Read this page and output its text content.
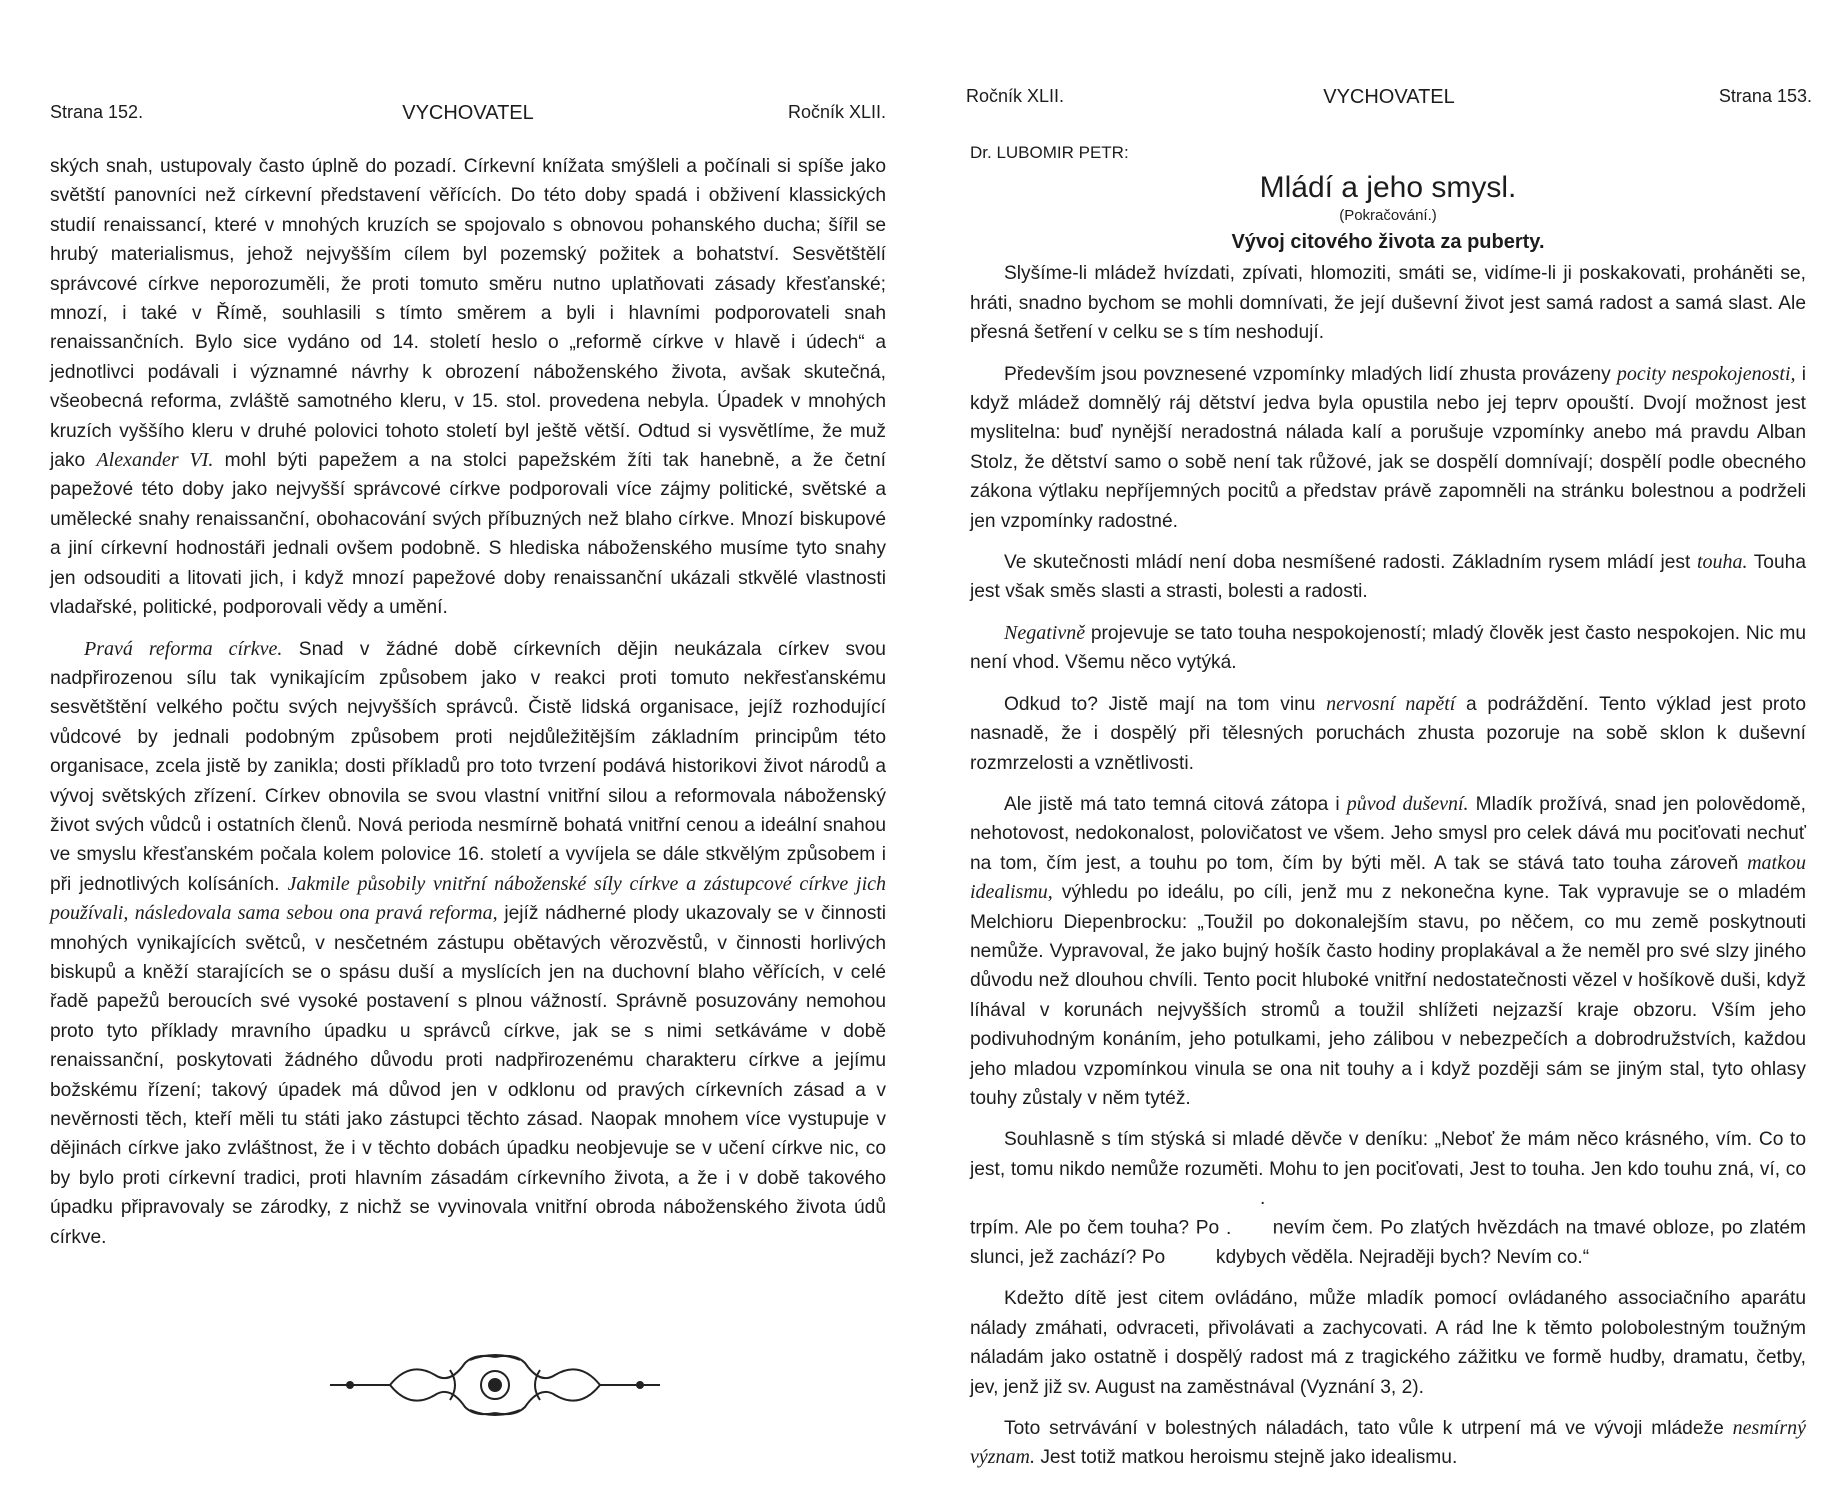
Strana 152.	VYCHOVATEL	Ročník XLII.

ských snah, ustupovaly často úplně do pozadí. Církevní knížata smýšleli a počínali si spíše jako světští panovníci než církevní představení věřících. Do této doby spadá i obživení klassických studií renaissancí, které v mnohých kruzích se spojovalo s obnovou pohanského ducha; šířil se hrubý materialismus, jehož nejvyšším cílem byl pozemský požitek a bohatství. Sesvětštělí správcové církve neporozuměli, že proti tomuto směru nutno uplatňovati zásady křesťanské; mnozí, i také v Římě, souhlasili s tímto směrem a byli i hlavními podporovateli snah renaissančních. Bylo sice vydáno od 14. století heslo o „reformě církve v hlavě i údech“ a jednotlivci podávali i významné návrhy k obrození náboženského života, avšak skutečná, všeobecná reforma, zvláště samotného kleru, v 15. stol. provedena nebyla. Úpadek v mnohých kruzích vyššího kleru v druhé polovici tohoto století byl ještě větší. Odtud si vysvětlíme, že muž jako Alexander VI. mohl býti papežem a na stolci papežském žíti tak hanebně, a že četní papežové této doby jako nejvyšší správcové církve podporovali více zájmy politické, světské a umělecké snahy renaissanční, obohacování svých příbuzných než blaho církve. Mnozí biskupové a jiní církevní hodnostáři jednali ovšem podobně. S hlediska náboženského musíme tyto snahy jen odsouditi a litovati jich, i když mnozí papežové doby renaissanční ukázali stkvělé vlastnosti vladařské, politické, podporovali vědy a umění.

Pravá reforma církve. Snad v žádné době církevních dějin neukázala církev svou nadpřirozenou sílu tak vynikajícím způsobem jako v reakci proti tomuto nekřesťanskému sesvětštění velkého počtu svých nejvyšších správců. Čistě lidská organisace, jejíž rozhodující vůdcové by jednali podobným způsobem proti nejdůležitějším základním principům této organisace, zcela jistě by zanikla; dosti příkladů pro toto tvrzení podává historikovi život národů a vývoj světských zřízení. Církev obnovila se svou vlastní vnitřní silou a reformovala náboženský život svých vůdců i ostatních členů. Nová perioda nesmírně bohatá vnitřní cenou a ideální snahou ve smyslu křesťanském počala kolem polovice 16. století a vyvíjela se dále stkvělým způsobem i při jednotlivých kolísáních. Jakmile působily vnitřní náboženské síly církve a zástupcové církve jich používali, následovala sama sebou ona pravá reforma, jejíž nádherné plody ukazovaly se v činnosti mnohých vynikajících světců, v nesčetném zástupu obětavých věrozvěstů, v činnosti horlivých biskupů a kněží starajících se o spásu duší a myslících jen na duchovní blaho věřících, v celé řadě papežů beroucích své vysoké postavení s plnou vážností. Správně posuzovány nemohou proto tyto příklady mravního úpadku u správců církve, jak se s nimi setkáváme v době renaissanční, poskytovati žádného důvodu proti nadpřirozenému charakteru církve a jejímu božskému řízení; takový úpadek má důvod jen v odklonu od pravých církevních zásad a v nevěrnosti těch, kteří měli tu státi jako zástupci těchto zásad. Naopak mnohem více vystupuje v dějinách církve jako zvláštnost, že i v těchto dobách úpadku neobjevuje se v učení církve nic, co by bylo proti církevní tradici, proti hlavním zásadám církevního života, a že i v době takového úpadku připravovaly se zárodky, z nichž se vyvinovala vnitřní obroda náboženského života údů církve.

Ročník XLII.	VYCHOVATEL	Strana 153.
Dr. LUBOMIR PETR:
Mládí a jeho smysl.
(Pokračování.)
Vývoj citového života za puberty.

Slyšíme-li mládež hvízdati, zpívati, hlomoziti, smáti se, vidíme-li ji poskakovati, proháněti se, hráti, snadno bychom se mohli domnívati, že její duševní život jest samá radost a samá slast. Ale přesná šetření v celku se s tím neshodují.

Především jsou povznesené vzpomínky mladých lidí zhusta provázeny pocity nespokojenosti, i když mládež domnělý ráj dětství jedva byla opustila nebo jej teprv opouští. Dvojí možnost jest myslitelna: buď nynější neradostná nálada kalí a porušuje vzpomínky anebo má pravdu Alban Stolz, že dětství samo o sobě není tak růžové, jak se dospělí domnívají; dospělí podle obecného zákona výtlaku nepříjemných pocitů a představ právě zapomněli na stránku bolestnou a podrželi jen vzpomínky radostné.

Ve skutečnosti mládí není doba nesmíšené radosti. Základním rysem mládí jest touha. Touha jest však směs slasti a strasti, bolesti a radosti.

Negativně projevuje se tato touha nespokojeností; mladý člověk jest často nespokojen. Nic mu není vhod. Všemu něco vytýká.

Odkud to? Jistě mají na tom vinu nervosní napětí a podráždění. Tento výklad jest proto nasnadě, že i dospělý při tělesných poruchách zhusta pozoruje na sobě sklon k duševní rozmrzelosti a vznětlivosti.

Ale jistě má tato temná citová zátopa i původ duševní. Mladík prožívá, snad jen polovědomě, nehotovost, nedokonalost, polovičatost ve všem. Jeho smysl pro celek dává mu pociťovati nechuť na tom, čím jest, a touhu po tom, čím by býti měl. A tak se stává tato touha zároveň matkou idealismu, výhledu po ideálu, po cíli, jenž mu z nekonečna kyne. Tak vypravuje se o mladém Melchioru Diepenbrocku: „Toužil po dokonalejším stavu, po něčem, co mu země poskytnouti nemůže. Vypravoval, že jako bujný hošík často hodiny proplakával a že neměl pro své slzy jiného důvodu než dlouhou chvíli. Tento pocit hluboké vnitřní nedostatečnosti vězel v hošíkově duši, když líhával v korunách nejvyšších stromů a toužil shlížeti nejzazší kraje obzoru. Vším jeho podivuhodným konáním, jeho potulkami, jeho zálibou v nebezpečích a dobrodružstvích, každou jeho mladou vzpomínkou vinula se ona nit touhy a i když později sám se jiným stal, tyto ohlasy touhy zůstaly v něm tytéž.

Souhlasně s tím stýská si mladé děvče v deníku: „Neboť že mám něco krásného, vím. Co to jest, tomu nikdo nemůže rozuměti. Mohu to jen pociťovati, Jest to touha. Jen kdo touhu zná, ví, co trpím. Ale po čem touha? Po . . nevím čem. Po zlatých hvězdách na tmavé obloze, po zlatém slunci, jež zachází? Po	kdybych věděla. Nejraději bych? Nevím co.“

Kdežto dítě jest citem ovládáno, může mladík pomocí ovládaného associačního aparátu nálady zmáhati, odvraceti, přivolávati a zachycovati. A rád lne k těmto polobolestným toužným náladám jako ostatně i dospělý radost má z tragického zážitku ve formě hudby, dramatu, četby, jev, jenž již sv. August na zaměstnával (Vyznání 3, 2).

Toto setrvávání v bolestných náladách, tato vůle k utrpení má ve vývoji mládeže nesmírný význam. Jest totiž matkou heroismu stejně jako idealismu.
